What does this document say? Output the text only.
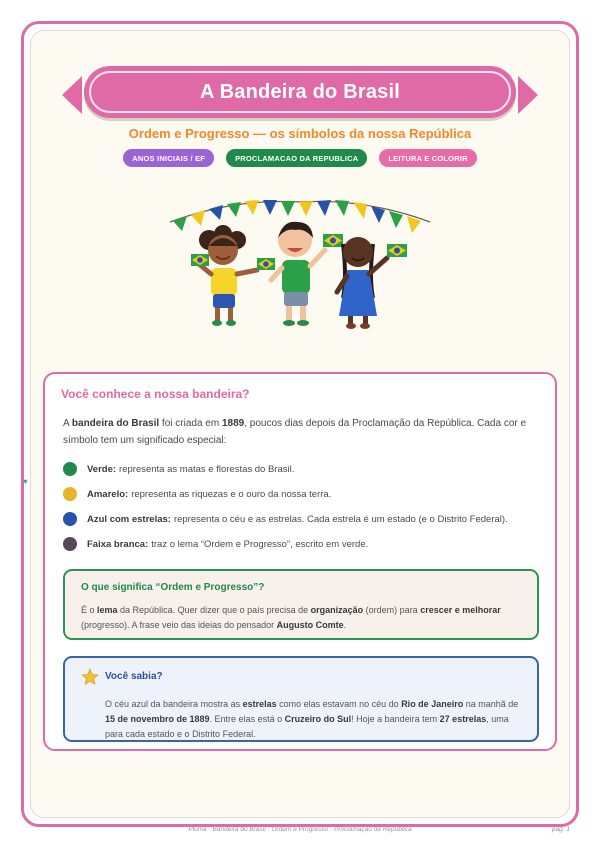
A Bandeira do Brasil
Ordem e Progresso — os símbolos da nossa República
ANOS INICIAIS / EF	PROCLAMACAO DA REPUBLICA	LEITURA E COLORIR
♥
Você conhece a nossa bandeira?

A bandeira do Brasil foi criada em 1889, poucos dias depois da Proclamação da República. Cada cor e símbolo tem um significado especial:

Verde: representa as matas e florestas do Brasil.
Amarelo: representa as riquezas e o ouro da nossa terra.
Azul com estrelas: representa o céu e as estrelas. Cada estrela é um estado (e o Distrito Federal).
Faixa branca: traz o lema “Ordem e Progresso”, escrito em verde.
O que significa “Ordem e Progresso”?

É o lema da República. Quer dizer que o país precisa de organização (ordem) para crescer e melhorar (progresso). A frase veio das ideias do pensador Augusto Comte.

Você sabia?

O céu azul da bandeira mostra as estrelas como elas estavam no céu do Rio de Janeiro na manhã de 15 de novembro de 1889. Entre elas está o Cruzeiro do Sul! Hoje a bandeira tem 27 estrelas, uma para cada estado e o Distrito Federal.

Pluma · Bandeira do Brasil · Ordem e Progresso · Proclamação da República	pág. 1
